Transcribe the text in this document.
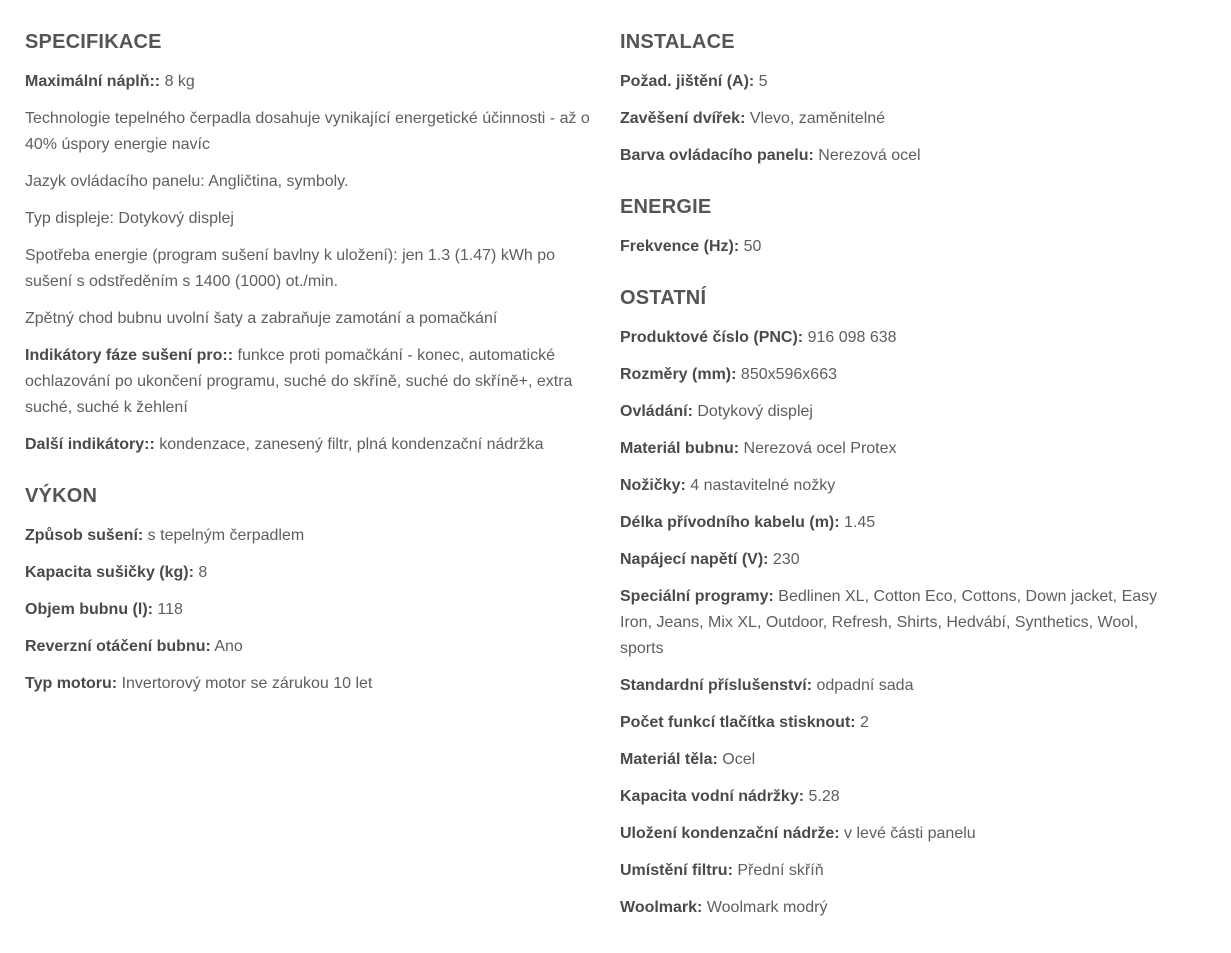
SPECIFIKACE
Maximální náplň:: 8 kg
Technologie tepelného čerpadla dosahuje vynikající energetické účinnosti - až o 40% úspory energie navíc
Jazyk ovládacího panelu: Angličtina, symboly.
Typ displeje: Dotykový displej
Spotřeba energie (program sušení bavlny k uložení): jen 1.3 (1.47) kWh po sušení s odstředěním s 1400 (1000) ot./min.
Zpětný chod bubnu uvolní šaty a zabraňuje zamotání a pomačkání
Indikátory fáze sušení pro:: funkce proti pomačkání - konec, automatické ochlazování po ukončení programu, suché do skříně, suché do skříně+, extra suché, suché k žehlení
Další indikátory:: kondenzace, zanesený filtr, plná kondenzační nádržka
VÝKON
Způsob sušení: s tepelným čerpadlem
Kapacita sušičky (kg): 8
Objem bubnu (l): 118
Reverzní otáčení bubnu: Ano
Typ motoru: Invertorový motor se zárukou 10 let
INSTALACE
Požad. jištění (A): 5
Zavěšení dvířek: Vlevo, zaměnitelné
Barva ovládacího panelu: Nerezová ocel
ENERGIE
Frekvence (Hz): 50
OSTATNÍ
Produktové číslo (PNC): 916 098 638
Rozměry (mm): 850x596x663
Ovládání: Dotykový displej
Materiál bubnu: Nerezová ocel Protex
Nožičky: 4 nastavitelné nožky
Délka přívodního kabelu (m): 1.45
Napájecí napětí (V): 230
Speciální programy: Bedlinen XL, Cotton Eco, Cottons, Down jacket, Easy Iron, Jeans, Mix XL, Outdoor, Refresh, Shirts, Hedvábí, Synthetics, Wool, sports
Standardní příslušenství: odpadní sada
Počet funkcí tlačítka stisknout: 2
Materiál těla: Ocel
Kapacita vodní nádržky: 5.28
Uložení kondenzační nádrže: v levé části panelu
Umístění filtru: Přední skříň
Woolmark: Woolmark modrý
